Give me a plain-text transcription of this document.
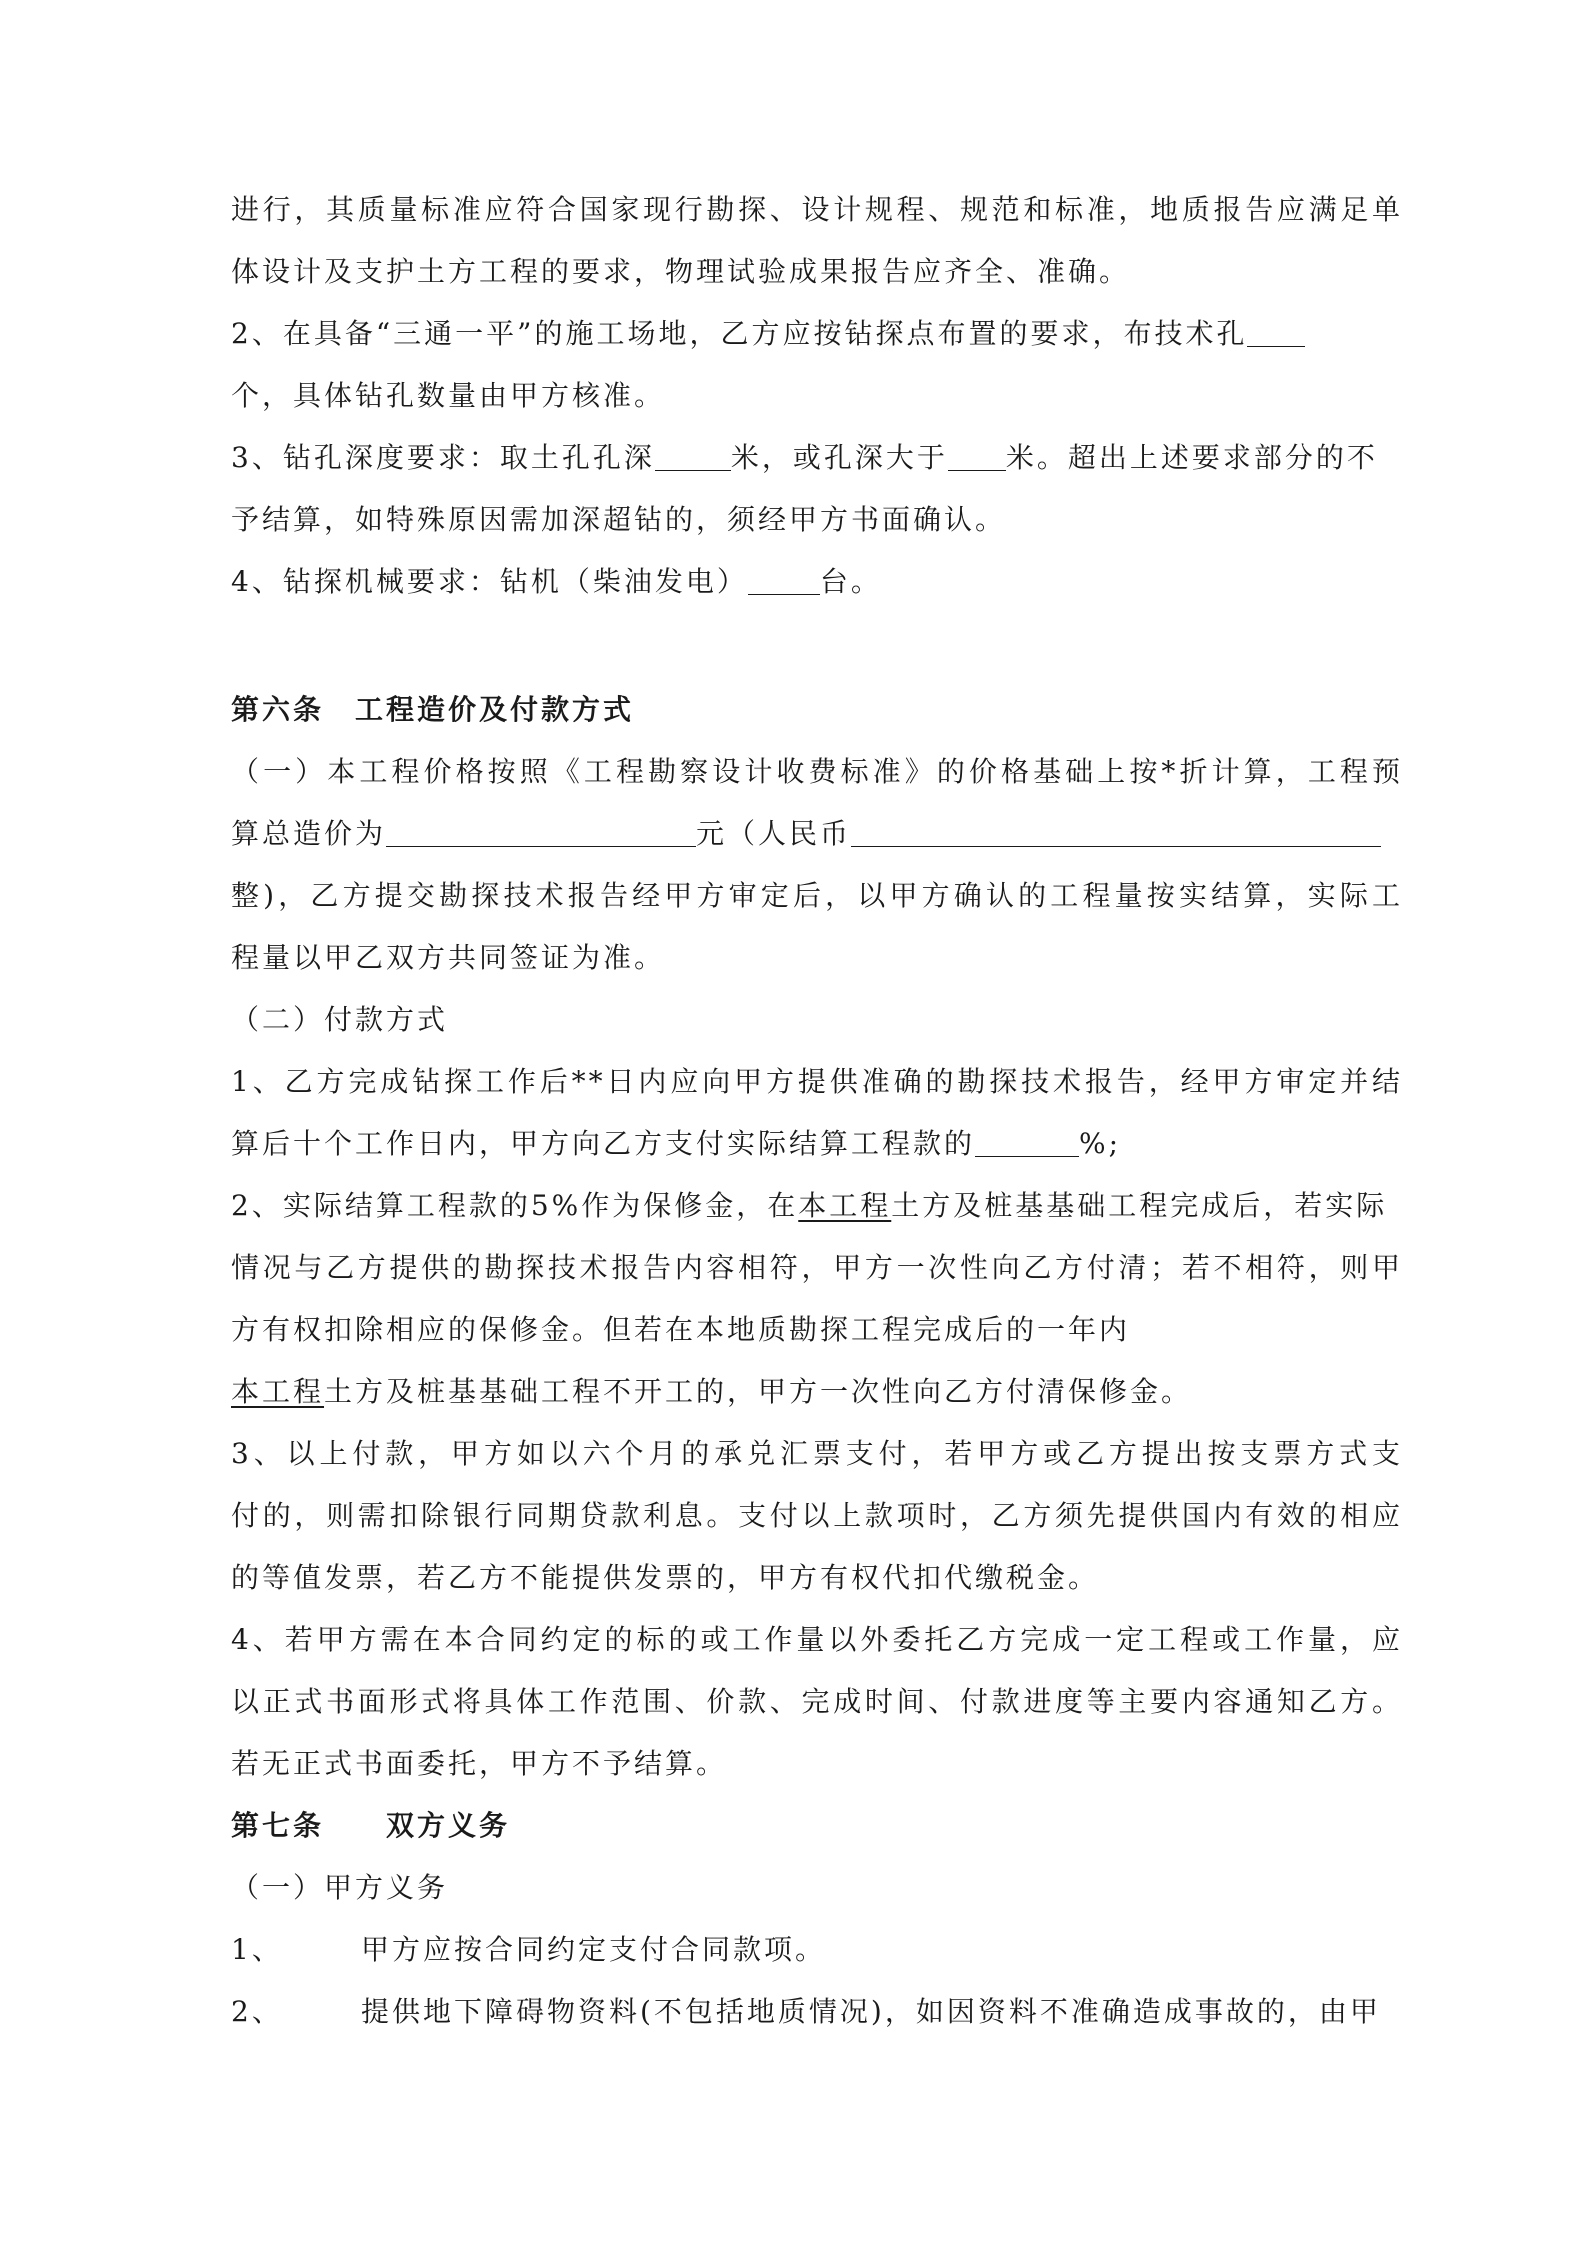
进行，其质量标准应符合国家现行勘探、设计规程、规范和标准，地质报告应满足单
体设计及支护土方工程的要求，物理试验成果报告应齐全、准确。
2、在具备“三通一平”的施工场地，乙方应按钻探点布置的要求，布技术孔
个，具体钻孔数量由甲方核准。
3、钻孔深度要求：取土孔孔深	米，或孔深大于 米。超出上述要求部分的不
予结算，如特殊原因需加深超钻的，须经甲方书面确认。
4、钻探机械要求：钻机（柴油发电）	台。
第六条　工程造价及付款方式
（一）本工程价格按照《工程勘察设计收费标准》的价格基础上按*折计算，工程预
算总造价为	元（人民币
整)，乙方提交勘探技术报告经甲方审定后，以甲方确认的工程量按实结算，实际工
程量以甲乙双方共同签证为准。
（二）付款方式
1、乙方完成钻探工作后**日内应向甲方提供准确的勘探技术报告，经甲方审定并结
算后十个工作日内，甲方向乙方支付实际结算工程款的	%;
2、实际结算工程款的5%作为保修金，在本工程土方及桩基基础工程完成后，若实际
情况与乙方提供的勘探技术报告内容相符，甲方一次性向乙方付清；若不相符，则甲
方有权扣除相应的保修金。但若在本地质勘探工程完成后的一年内
本工程土方及桩基基础工程不开工的，甲方一次性向乙方付清保修金。
3、以上付款，甲方如以六个月的承兑汇票支付，若甲方或乙方提出按支票方式支
付的，则需扣除银行同期贷款利息。支付以上款项时，乙方须先提供国内有效的相应
的等值发票，若乙方不能提供发票的，甲方有权代扣代缴税金。
4、若甲方需在本合同约定的标的或工作量以外委托乙方完成一定工程或工作量，应
以正式书面形式将具体工作范围、价款、完成时间、付款进度等主要内容通知乙方。
若无正式书面委托，甲方不予结算。
第七条　　双方义务
（一）甲方义务
1、	甲方应按合同约定支付合同款项。
2、	提供地下障碍物资料(不包括地质情况)，如因资料不准确造成事故的，由甲
